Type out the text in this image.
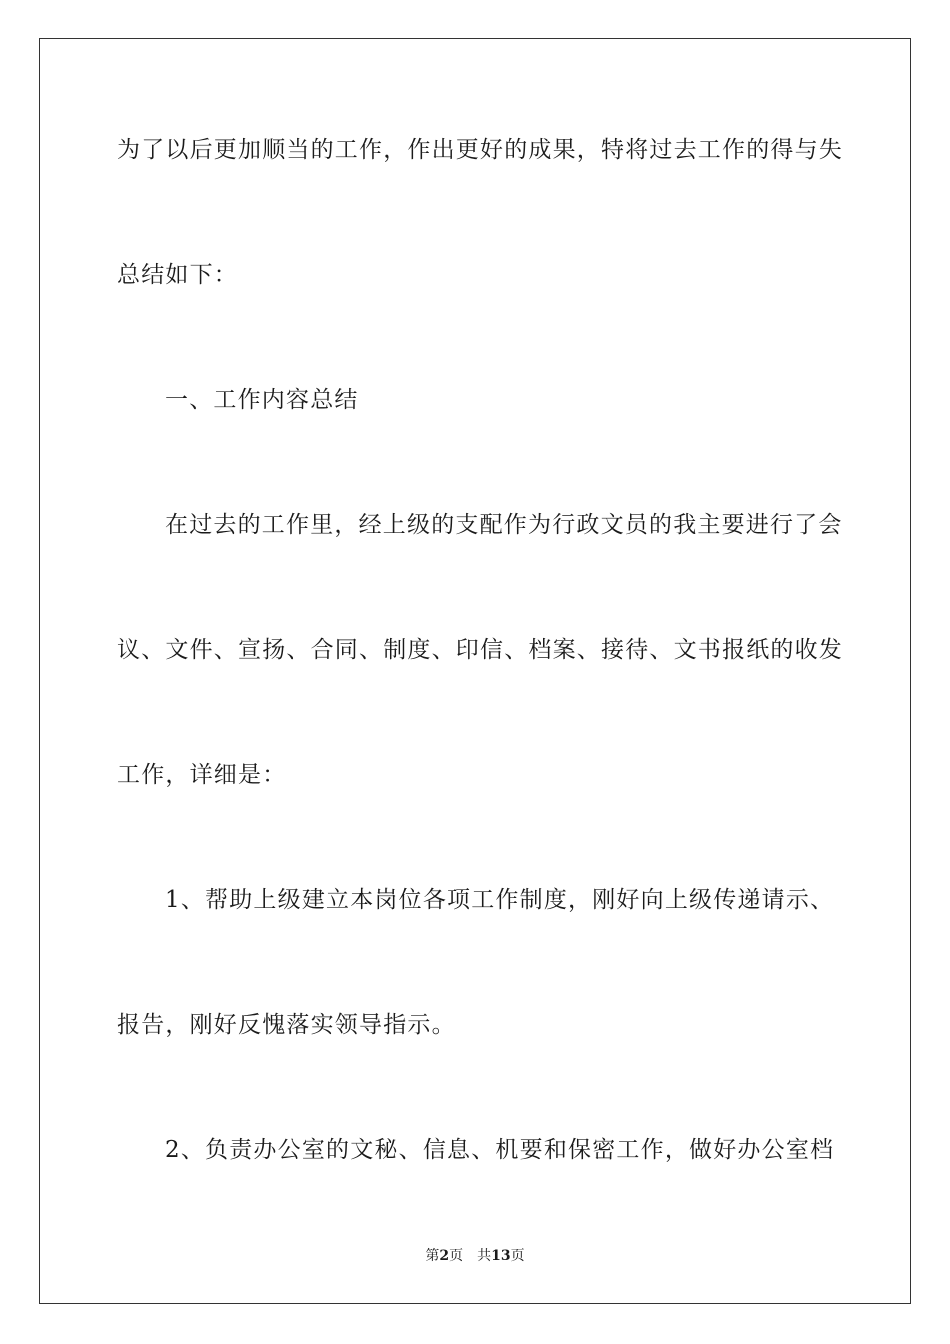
为了以后更加顺当的工作，作出更好的成果，特将过去工作的得与失

总结如下：

一、工作内容总结

在过去的工作里，经上级的支配作为行政文员的我主要进行了会

议、文件、宣扬、合同、制度、印信、档案、接待、文书报纸的收发

工作，详细是：

1、帮助上级建立本岗位各项工作制度，刚好向上级传递请示、

报告，刚好反愧落实领导指示。

2、负责办公室的文秘、信息、机要和保密工作，做好办公室档

第2页 共13页
